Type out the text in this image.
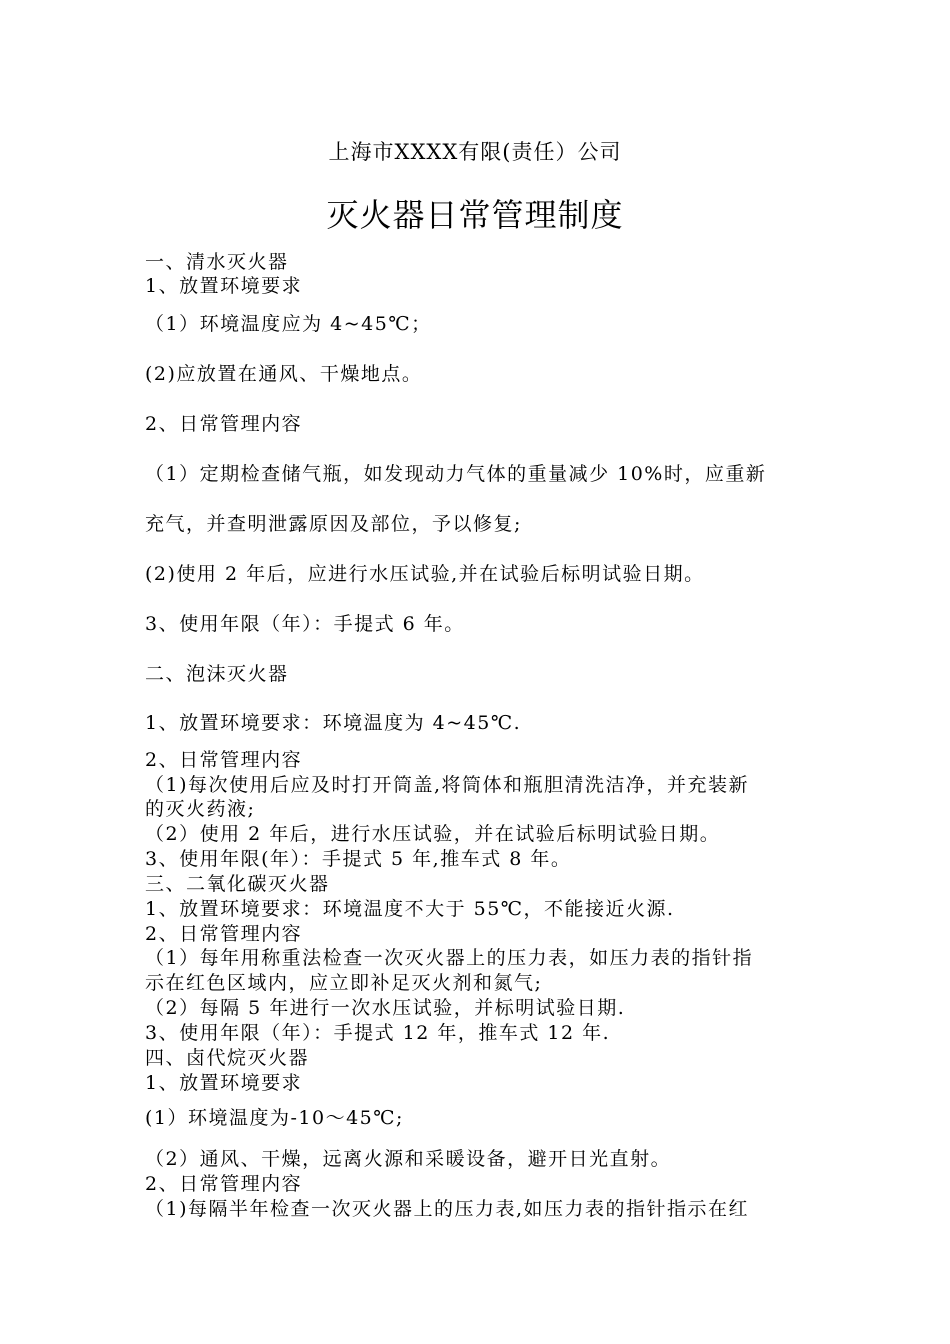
上海市XXXX有限(责任）公司
灭火器日常管理制度
一、清水灭火器
1、放置环境要求
（1）环境温度应为 4~45℃；
(2)应放置在通风、干燥地点。
2、日常管理内容
（1）定期检查储气瓶，如发现动力气体的重量减少 10%时，应重新
充气，并查明泄露原因及部位，予以修复;
(2)使用 2 年后，应进行水压试验,并在试验后标明试验日期。
3、使用年限（年）：手提式 6 年。
二、泡沫灭火器
1、放置环境要求：环境温度为 4~45℃.
2、日常管理内容
（1)每次使用后应及时打开筒盖,将筒体和瓶胆清洗洁净，并充装新
的灭火药液;
（2）使用 2 年后，进行水压试验，并在试验后标明试验日期。
3、使用年限(年）：手提式 5 年,推车式 8 年。
三、二氧化碳灭火器
1、放置环境要求：环境温度不大于 55℃，不能接近火源.
2、日常管理内容
（1）每年用称重法检查一次灭火器上的压力表，如压力表的指针指
示在红色区域内，应立即补足灭火剂和氮气;
（2）每隔 5 年进行一次水压试验，并标明试验日期.
3、使用年限（年）：手提式 12 年，推车式 12 年.
四、卤代烷灭火器
1、放置环境要求
(1）环境温度为-10～45℃;
（2）通风、干燥，远离火源和采暖设备，避开日光直射。
2、日常管理内容
（1)每隔半年检查一次灭火器上的压力表,如压力表的指针指示在红
